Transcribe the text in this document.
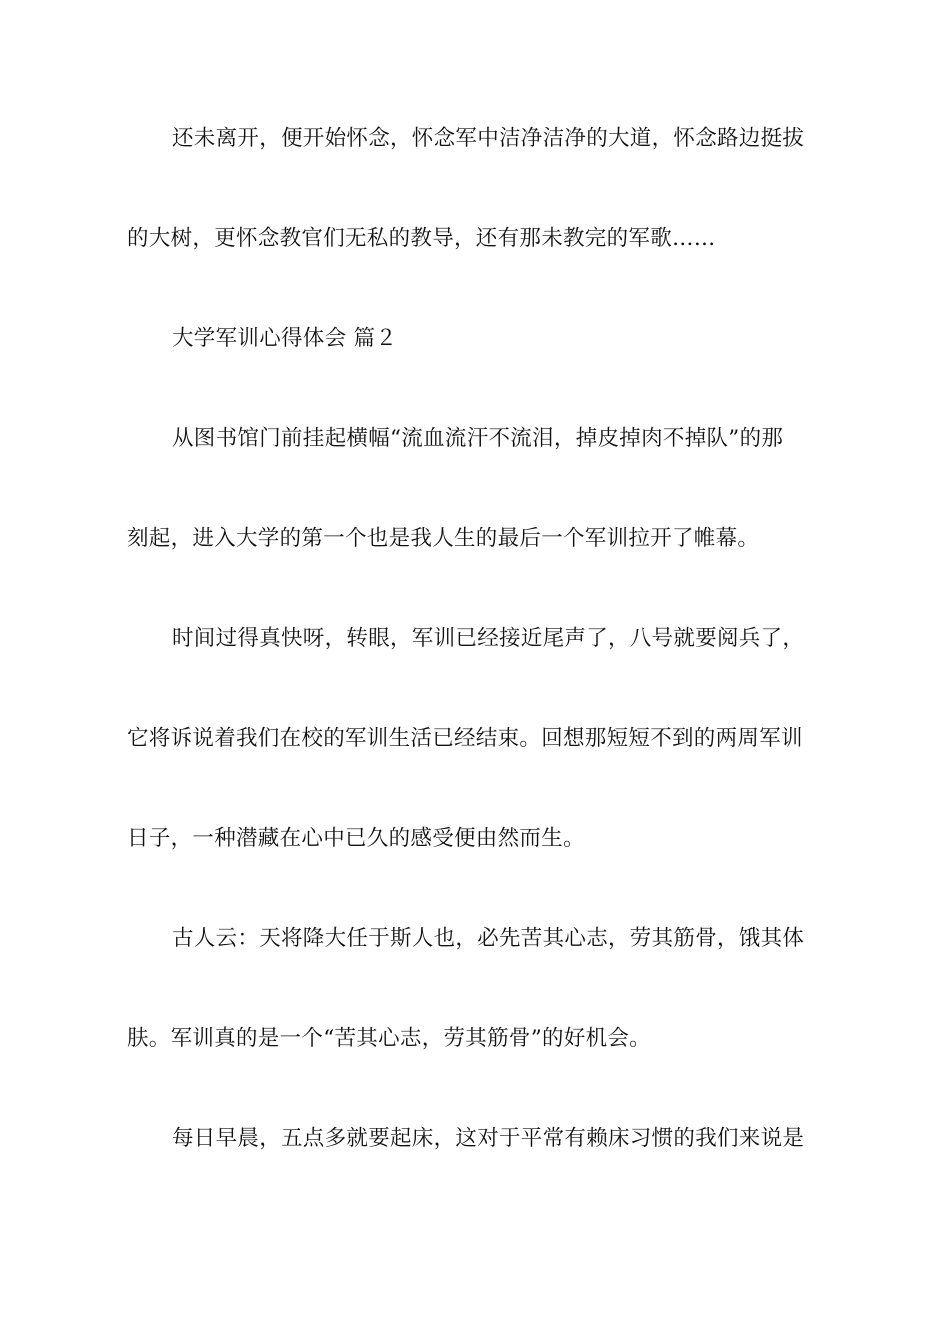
还未离开，便开始怀念，怀念军中洁净洁净的大道，怀念路边挺拔
的大树，更怀念教官们无私的教导，还有那未教完的军歌……
大学军训心得体会 篇２
从图书馆门前挂起横幅“流血流汗不流泪，掉皮掉肉不掉队”的那
刻起，进入大学的第一个也是我人生的最后一个军训拉开了帷幕。
时间过得真快呀，转眼，军训已经接近尾声了，八号就要阅兵了，
它将诉说着我们在校的军训生活已经结束。回想那短短不到的两周军训
日子，一种潜藏在心中已久的感受便由然而生。
古人云：天将降大任于斯人也，必先苦其心志，劳其筋骨，饿其体
肤。军训真的是一个“苦其心志，劳其筋骨”的好机会。
每日早晨，五点多就要起床，这对于平常有赖床习惯的我们来说是
